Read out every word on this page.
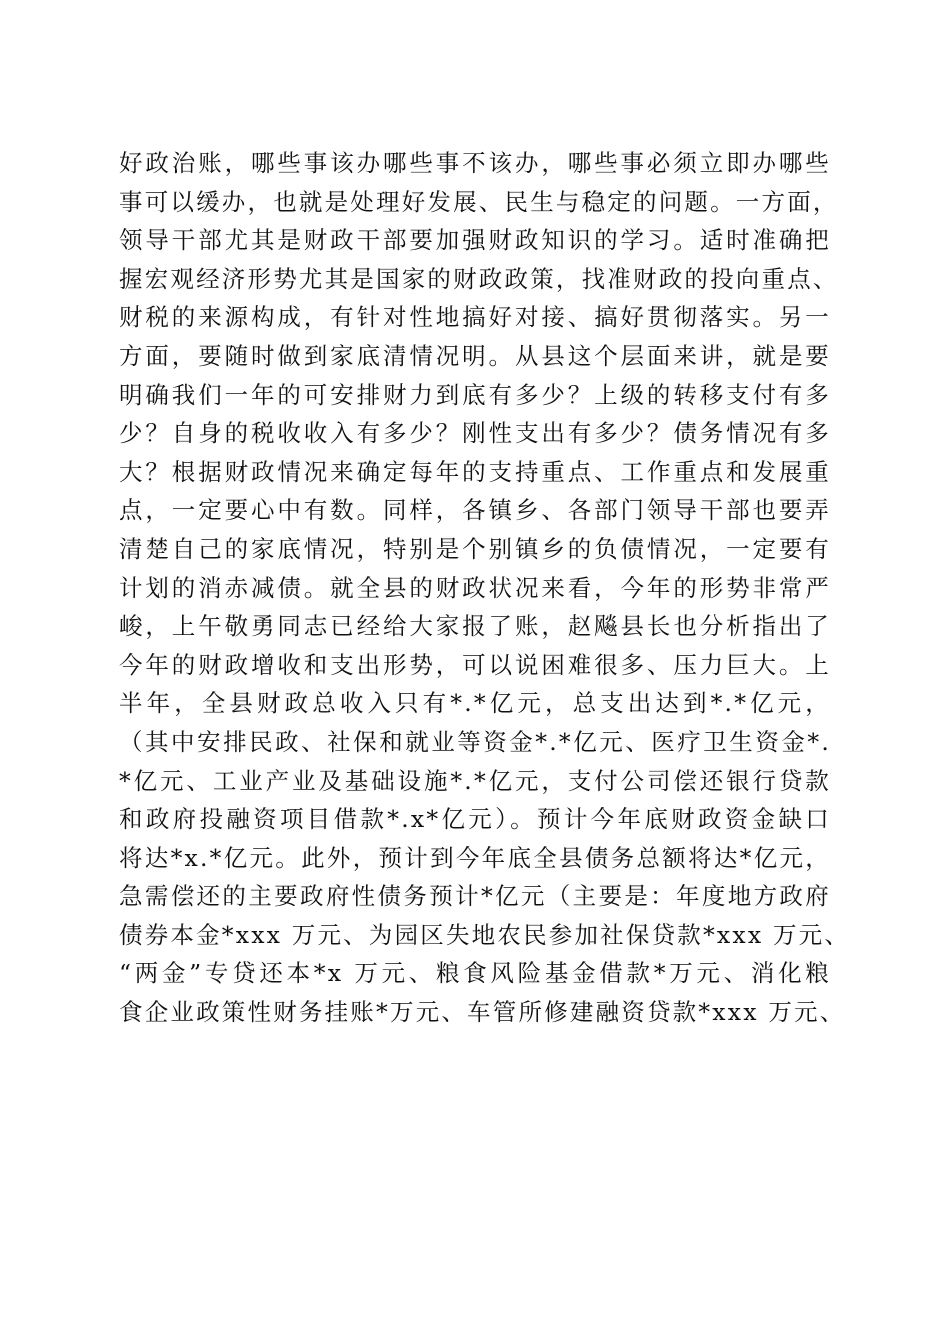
好政治账，哪些事该办哪些事不该办，哪些事必须立即办哪些
事可以缓办，也就是处理好发展、民生与稳定的问题。一方面，
领导干部尤其是财政干部要加强财政知识的学习。适时准确把
握宏观经济形势尤其是国家的财政政策，找准财政的投向重点、
财税的来源构成，有针对性地搞好对接、搞好贯彻落实。另一
方面，要随时做到家底清情况明。从县这个层面来讲，就是要
明确我们一年的可安排财力到底有多少？上级的转移支付有多
少？自身的税收收入有多少？刚性支出有多少？债务情况有多
大？根据财政情况来确定每年的支持重点、工作重点和发展重
点，一定要心中有数。同样，各镇乡、各部门领导干部也要弄
清楚自己的家底情况，特别是个别镇乡的负债情况，一定要有
计划的消赤减债。就全县的财政状况来看，今年的形势非常严
峻，上午敬勇同志已经给大家报了账，赵飚县长也分析指出了
今年的财政增收和支出形势，可以说困难很多、压力巨大。上
半年，全县财政总收入只有*.*亿元，总支出达到*.*亿元，
（其中安排民政、社保和就业等资金*.*亿元、医疗卫生资金*.
*亿元、工业产业及基础设施*.*亿元，支付公司偿还银行贷款
和政府投融资项目借款*.x*亿元）。预计今年底财政资金缺口
将达*x.*亿元。此外，预计到今年底全县债务总额将达*亿元，
急需偿还的主要政府性债务预计*亿元（主要是：年度地方政府
债券本金*xxx 万元、为园区失地农民参加社保贷款*xxx 万元、
“两金”专贷还本*x 万元、粮食风险基金借款*万元、消化粮
食企业政策性财务挂账*万元、车管所修建融资贷款*xxx 万元、
